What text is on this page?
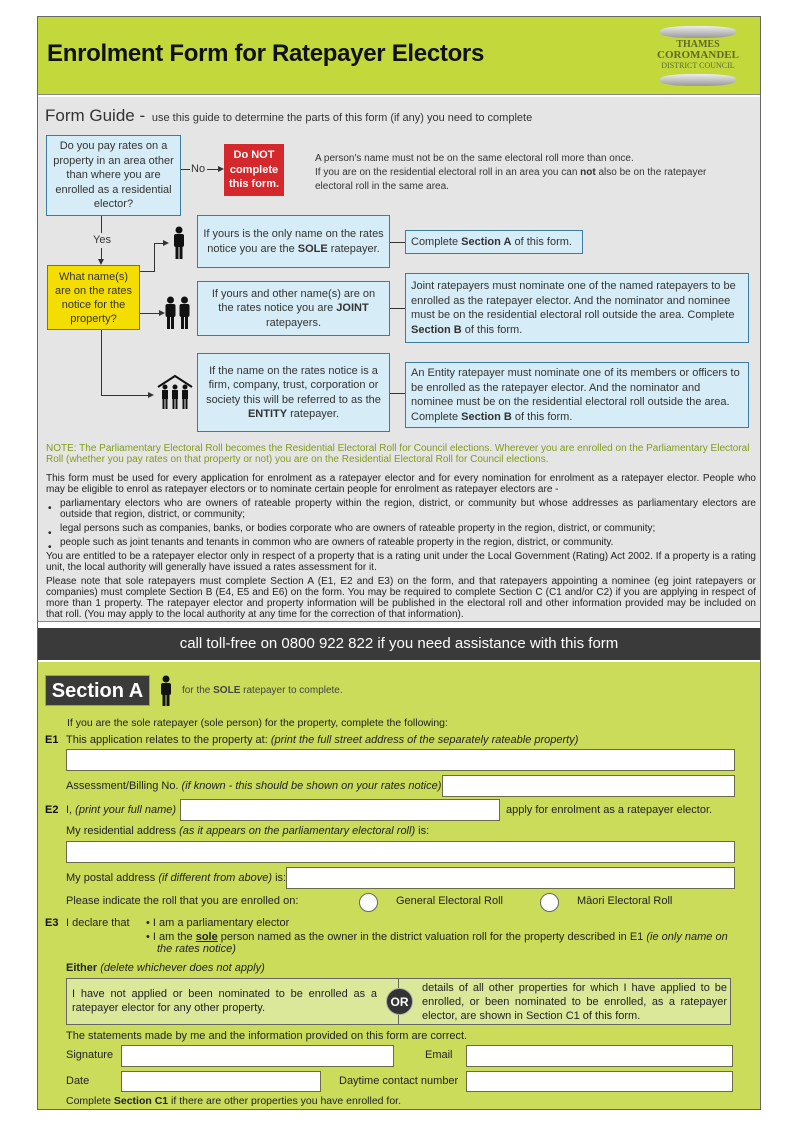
Enrolment Form for Ratepayer Electors	THAMES
COROMANDEL
DISTRICT COUNCIL
Form Guide - use this guide to determine the parts of this form (if any) you need to complete
Do you pay rates on a property in an area other than where you are enrolled as a residential elector?
No
Do NOT complete this form.
A person's name must not be on the same electoral roll more than once.
If you are on the residential electoral roll in an area you can not also be on the ratepayer electoral roll in the same area.
Yes
What name(s) are on the rates notice for the property?
If yours is the only name on the rates notice you are the SOLE ratepayer.
Complete Section A of this form.
If yours and other name(s) are on the rates notice you are JOINT ratepayers.
Joint ratepayers must nominate one of the named ratepayers to be enrolled as the ratepayer elector. And the nominator and nominee must be on the residential electoral roll outside the area. Complete Section B of this form.
If the name on the rates notice is a firm, company, trust, corporation or society this will be referred to as the ENTITY ratepayer.
An Entity ratepayer must nominate one of its members or officers to be enrolled as the ratepayer elector. And the nominator and nominee must be on the residential electoral roll outside the area. Complete Section B of this form.
NOTE: The Parliamentary Electoral Roll becomes the Residential Electoral Roll for Council elections. Wherever you are enrolled on the Parliamentary Electoral Roll (whether you pay rates on that property or not) you are on the Residential Electoral Roll for Council elections.

This form must be used for every application for enrolment as a ratepayer elector and for every nomination for enrolment as a ratepayer elector. People who may be eligible to enrol as ratepayer electors or to nominate certain people for enrolment as ratepayer electors are -

• parliamentary electors who are owners of rateable property within the region, district, or community but whose addresses as parliamentary electors are outside that region, district, or community;
• legal persons such as companies, banks, or bodies corporate who are owners of rateable property in the region, district, or community;
• people such as joint tenants and tenants in common who are owners of rateable property in the region, district, or community.

You are entitled to be a ratepayer elector only in respect of a property that is a rating unit under the Local Government (Rating) Act 2002. If a property is a rating unit, the local authority will generally have issued a rates assessment for it.

Please note that sole ratepayers must complete Section A (E1, E2 and E3) on the form, and that ratepayers appointing a nominee (eg joint ratepayers or companies) must complete Section B (E4, E5 and E6) on the form. You may be required to complete Section C (C1 and/or C2) if you are applying in respect of more than 1 property. The ratepayer elector and property information will be published in the electoral roll and other information provided may be included on that roll. (You may apply to the local authority at any time for the correction of that information).

call toll-free on 0800 922 822 if you need assistance with this form
Section A	for the SOLE ratepayer to complete.
If you are the sole ratepayer (sole person) for the property, complete the following:
E1 This application relates to the property at: (print the full street address of the separately rateable property)
Assessment/Billing No. (if known - this should be shown on your rates notice)
E2 I, (print your full name)	apply for enrolment as a ratepayer elector.
My residential address (as it appears on the parliamentary electoral roll) is:
My postal address (if different from above) is:
Please indicate the roll that you are enrolled on:	General Electoral Roll	Māori Electoral Roll
E3 I declare that • I am a parliamentary elector
• I am the sole person named as the owner in the district valuation roll for the property described in E1 (ie only name on
the rates notice)
Either (delete whichever does not apply)
I have not applied or been nominated to be enrolled as a ratepayer elector for any other property.
details of all other properties for which I have applied to be enrolled, or been nominated to be enrolled, as a ratepayer elector, are shown in Section C1 of this form.
OR
The statements made by me and the information provided on this form are correct.
Signature	Email
Date	Daytime contact number
Complete Section C1 if there are other properties you have enrolled for.
